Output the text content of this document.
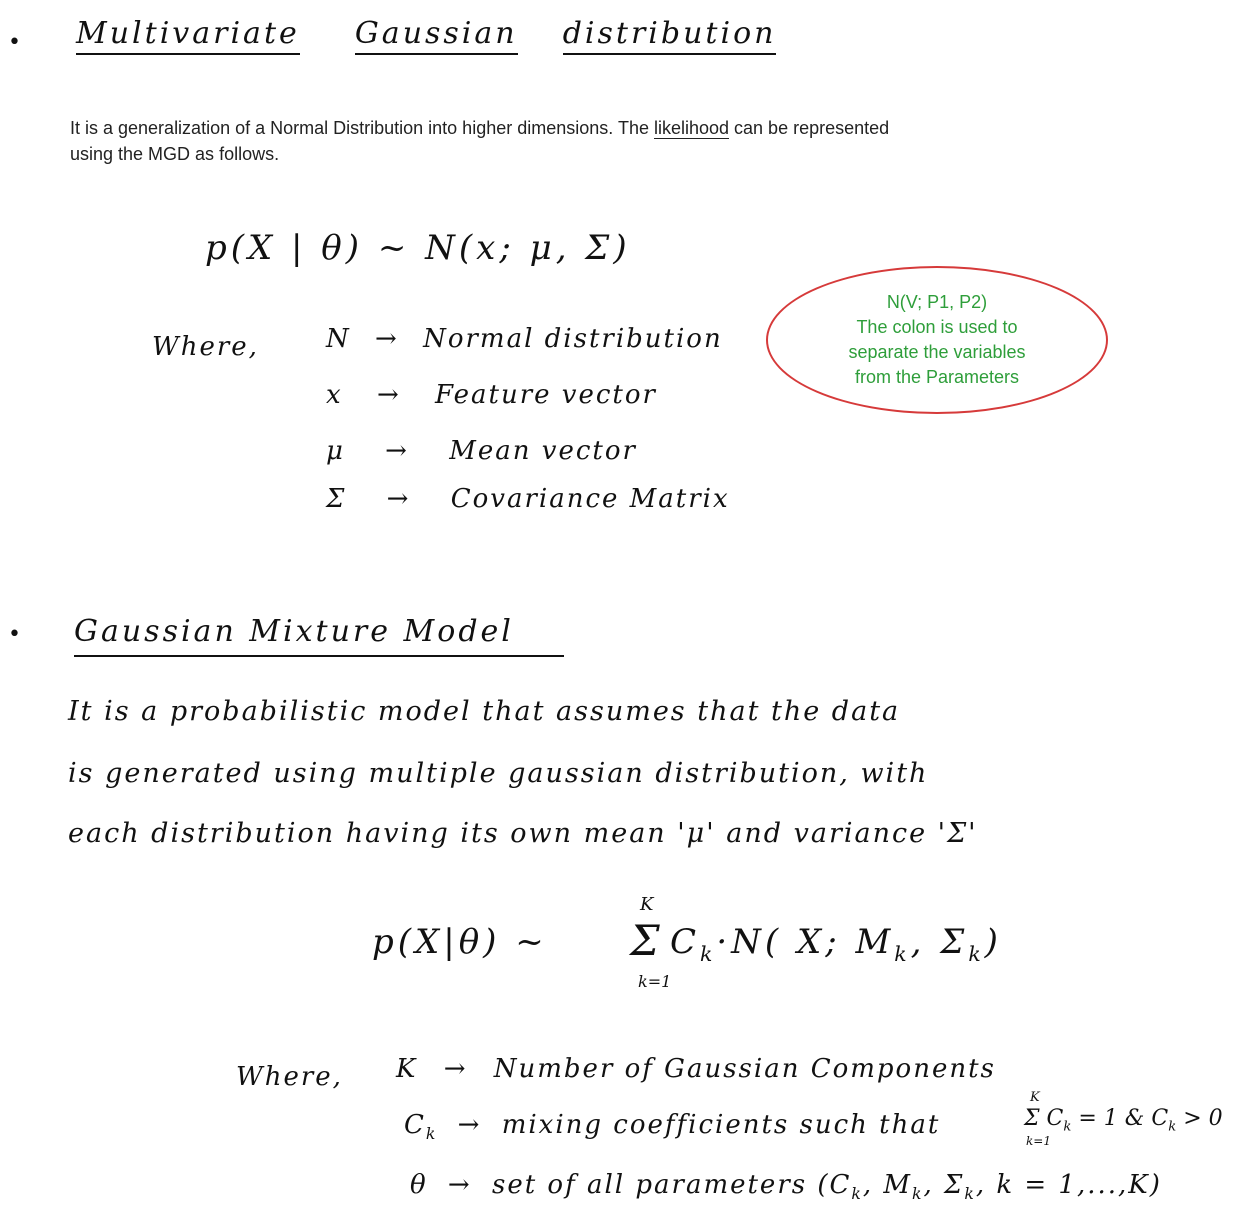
• Multivariate Gaussian distribution
It is a generalization of a Normal Distribution into higher dimensions. The likelihood can be represented
using the MGD as follows.
p(X | θ) ~ N(x; μ, Σ)
Where,	N → Normal distribution
x → Feature vector
μ → Mean vector
Σ → Covariance Matrix
N(V; P1, P2)
The colon is used to
separate the variables
from the Parameters
• Gaussian Mixture Model
It is a probabilistic model that assumes that the data
is generated using multiple gaussian distribution, with
each distribution having its own mean 'μ' and variance 'Σ'
p(X|θ) ~
K
Σ
k=1
$C_k\cdot N$( X; $M_k$, $\Sigma_k$)
Where, K → Number of Gaussian Components
$C_k$ → mixing coefficients such that
K
k=1
Σ $C_k = 1$ & $C_k > 0$
θ → set of all parameters ($C_k$, $M_k$, $\Sigma_k$, k = 1,...,K)
